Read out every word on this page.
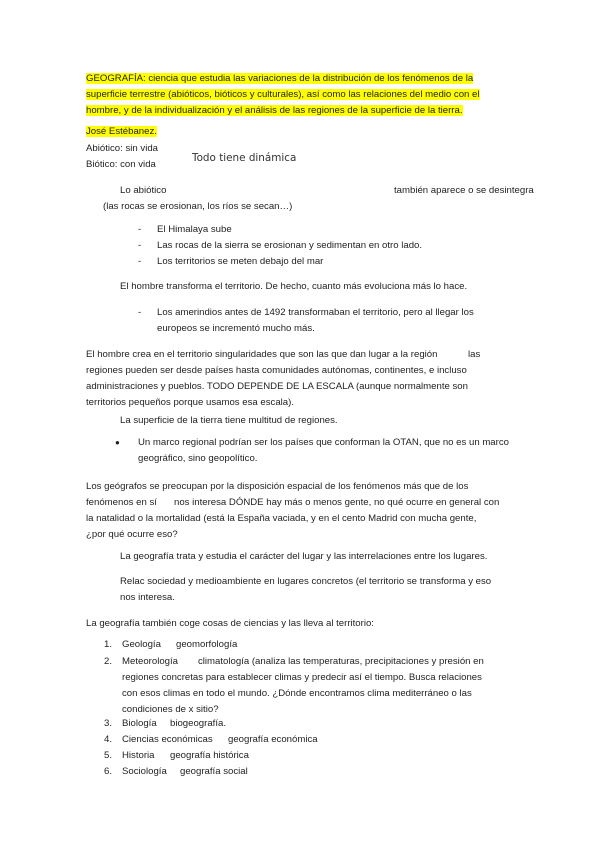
GEOGRAFÍA: ciencia que estudia las variaciones de la distribución de los fenómenos de la
superficie terrestre (abióticos, bióticos y culturales), así como las relaciones del medio con el
hombre, y de la individualización y el análisis de las regiones de la superficie de la tierra.
José Estébanez.
Abiótico: sin vida
Biótico: con vida
Todo tiene dinámica
Lo abiótico	también aparece o se desintegra
(las rocas se erosionan, los ríos se secan…)
- El Himalaya sube
- Las rocas de la sierra se erosionan y sedimentan en otro lado.
- Los territorios se meten debajo del mar
El hombre transforma el territorio. De hecho, cuanto más evoluciona más lo hace.
- Los amerindios antes de 1492 transformaban el territorio, pero al llegar los
europeos se incrementó mucho más.
El hombre crea en el territorio singularidades que son las que dan lugar a la región	las
regiones pueden ser desde países hasta comunidades autónomas, continentes, e incluso
administraciones y pueblos. TODO DEPENDE DE LA ESCALA (aunque normalmente son
territorios pequeños porque usamos esa escala).
La superficie de la tierra tiene multitud de regiones.
● Un marco regional podrían ser los países que conforman la OTAN, que no es un marco
geográfico, sino geopolítico.
Los geógrafos se preocupan por la disposición espacial de los fenómenos más que de los
fenómenos en sí nos interesa DÓNDE hay más o menos gente, no qué ocurre en general con
la natalidad o la mortalidad (está la España vaciada, y en el cento Madrid con mucha gente,
¿por qué ocurre eso?
La geografía trata y estudia el carácter del lugar y las interrelaciones entre los lugares.
Relac sociedad y medioambiente en lugares concretos (el territorio se transforma y eso
nos interesa.
La geografía también coge cosas de ciencias y las lleva al territorio:
1. Geología geomorfología
2. Meteorología climatología (analiza las temperaturas, precipitaciones y presión en
regiones concretas para establecer climas y predecir así el tiempo. Busca relaciones
con esos climas en todo el mundo. ¿Dónde encontramos clima mediterráneo o las
condiciones de x sitio?
3. Biología biogeografía.
4. Ciencias económicas geografía económica
5. Historia geografía histórica
6. Sociología geografía social
